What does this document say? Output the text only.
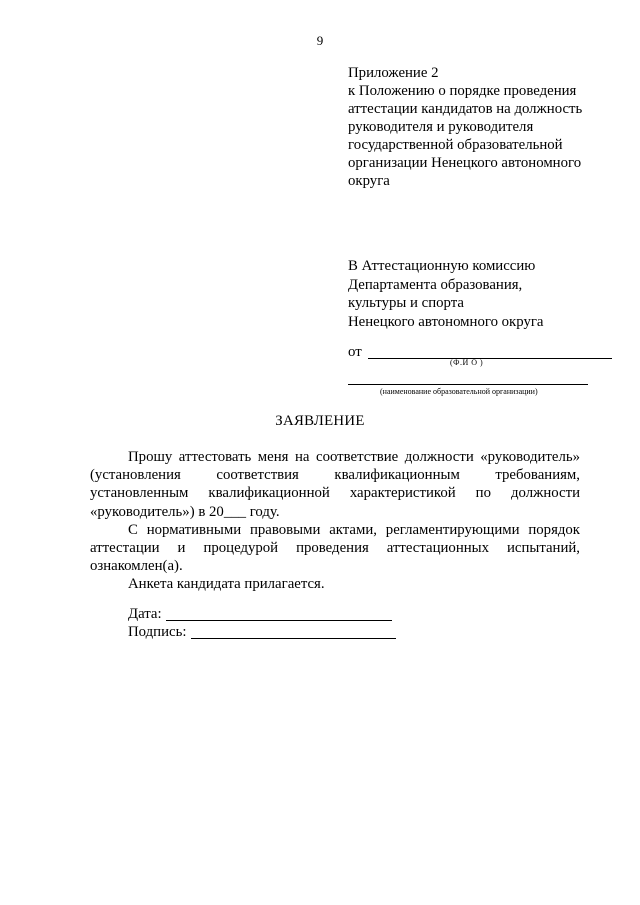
9
Приложение 2
к Положению о порядке проведения
аттестации кандидатов на должность
руководителя и руководителя
государственной образовательной
организации Ненецкого автономного
округа
В Аттестационную комиссию
Департамента образования,
культуры и спорта
Ненецкого автономного округа
от
(Ф.И О )
(наименование образовательной организации)
ЗАЯВЛЕНИЕ
Прошу аттестовать меня на соответствие должности «руководитель»
(установления соответствия квалификационным требованиям,
установленным квалификационной характеристикой по должности
«руководитель») в 20___ году.
С нормативными правовыми актами, регламентирующими порядок
аттестации и процедурой проведения аттестационных испытаний,
ознакомлен(а).
Анкета кандидата прилагается.
Дата:
Подпись:
